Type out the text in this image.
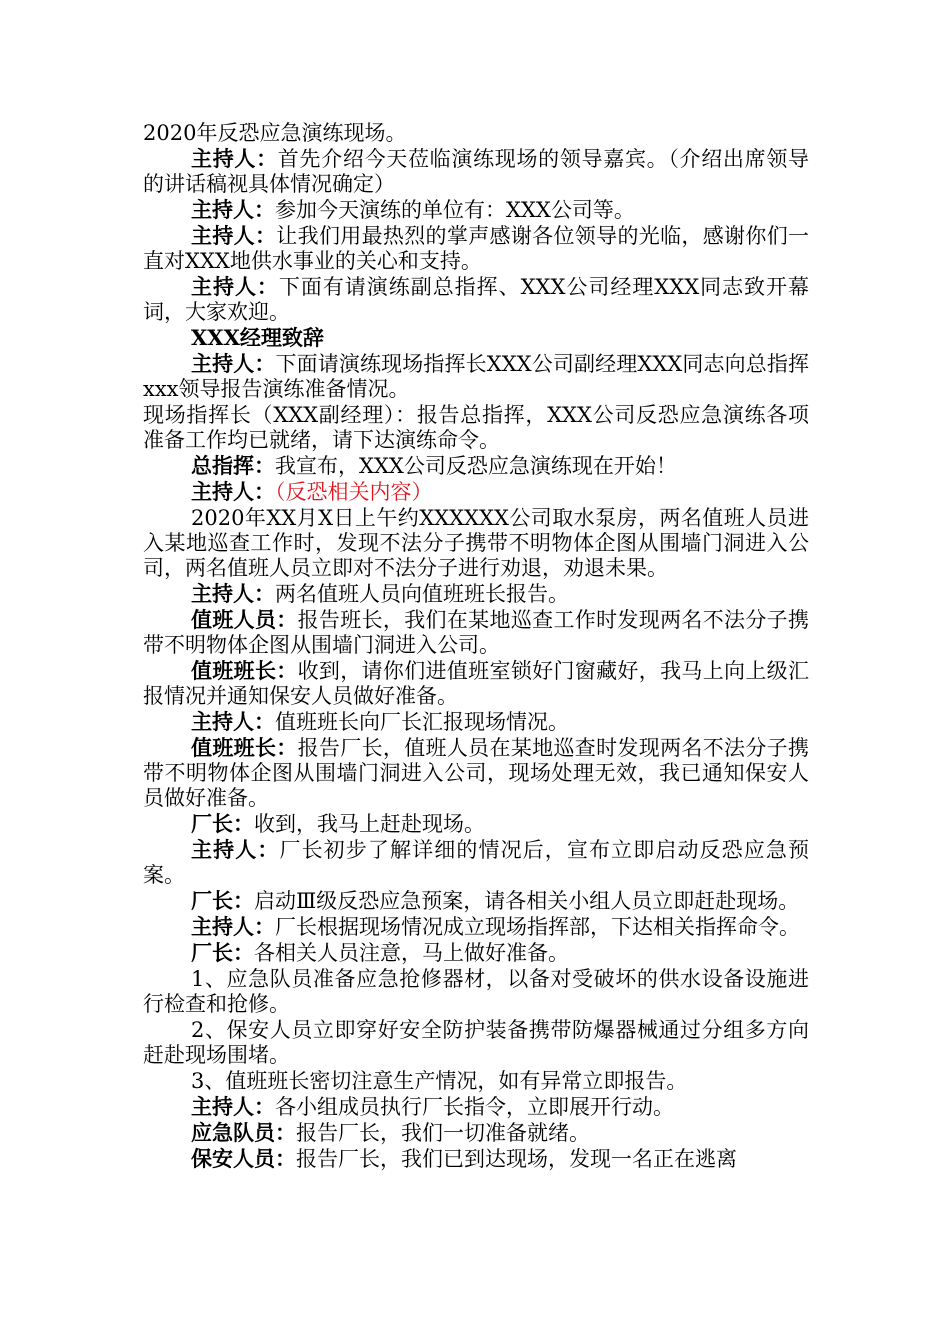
2020年反恐应急演练现场。

主持人：首先介绍今天莅临演练现场的领导嘉宾。（介绍出席领导的讲话稿视具体情况确定）

主持人：参加今天演练的单位有：XXX公司等。

主持人：让我们用最热烈的掌声感谢各位领导的光临，感谢你们一直对XXX地供水事业的关心和支持。

主持人：下面有请演练副总指挥、XXX公司经理XXX同志致开幕词，大家欢迎。

XXX经理致辞

主持人：下面请演练现场指挥长XXX公司副经理XXX同志向总指挥xxx领导报告演练准备情况。

现场指挥长（XXX副经理）：报告总指挥，XXX公司反恐应急演练各项准备工作均已就绪，请下达演练命令。

总指挥：我宣布，XXX公司反恐应急演练现在开始！

主持人：（反恐相关内容）

2020年XX月X日上午约XXXXXX公司取水泵房，两名值班人员进入某地巡查工作时，发现不法分子携带不明物体企图从围墙门洞进入公司，两名值班人员立即对不法分子进行劝退，劝退未果。

主持人：两名值班人员向值班班长报告。

值班人员：报告班长，我们在某地巡查工作时发现两名不法分子携带不明物体企图从围墙门洞进入公司。

值班班长：收到，请你们进值班室锁好门窗藏好，我马上向上级汇报情况并通知保安人员做好准备。

主持人：值班班长向厂长汇报现场情况。

值班班长：报告厂长，值班人员在某地巡查时发现两名不法分子携带不明物体企图从围墙门洞进入公司，现场处理无效，我已通知保安人员做好准备。

厂长：收到，我马上赶赴现场。

主持人：厂长初步了解详细的情况后，宣布立即启动反恐应急预案。

厂长：启动Ⅲ级反恐应急预案，请各相关小组人员立即赶赴现场。

主持人：厂长根据现场情况成立现场指挥部，下达相关指挥命令。

厂长：各相关人员注意，马上做好准备。

1、应急队员准备应急抢修器材，以备对受破坏的供水设备设施进行检查和抢修。

2、保安人员立即穿好安全防护装备携带防爆器械通过分组多方向赶赴现场围堵。

3、值班班长密切注意生产情况，如有异常立即报告。

主持人：各小组成员执行厂长指令，立即展开行动。

应急队员：报告厂长，我们一切准备就绪。

保安人员：报告厂长，我们已到达现场，发现一名正在逃离
